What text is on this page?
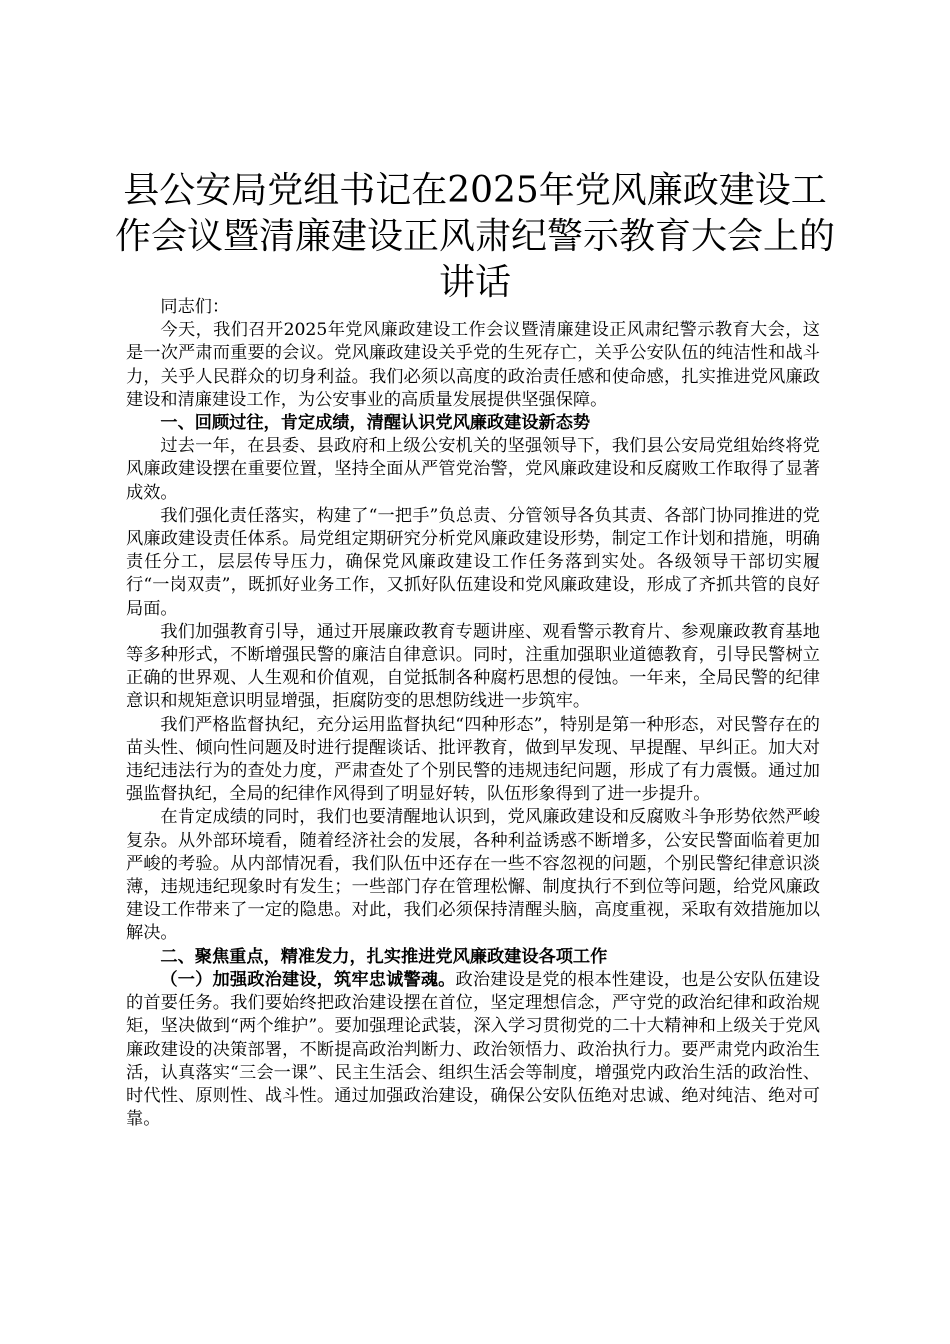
县公安局党组书记在2025年党风廉政建设工作会议暨清廉建设正风肃纪警示教育大会上的讲话

同志们：

今天，我们召开2025年党风廉政建设工作会议暨清廉建设正风肃纪警示教育大会，这是一次严肃而重要的会议。党风廉政建设关乎党的生死存亡，关乎公安队伍的纯洁性和战斗力，关乎人民群众的切身利益。我们必须以高度的政治责任感和使命感，扎实推进党风廉政建设和清廉建设工作，为公安事业的高质量发展提供坚强保障。

一、回顾过往，肯定成绩，清醒认识党风廉政建设新态势

过去一年，在县委、县政府和上级公安机关的坚强领导下，我们县公安局党组始终将党风廉政建设摆在重要位置，坚持全面从严管党治警，党风廉政建设和反腐败工作取得了显著成效。

我们强化责任落实，构建了“一把手”负总责、分管领导各负其责、各部门协同推进的党风廉政建设责任体系。局党组定期研究分析党风廉政建设形势，制定工作计划和措施，明确责任分工，层层传导压力，确保党风廉政建设工作任务落到实处。各级领导干部切实履行“一岗双责”，既抓好业务工作，又抓好队伍建设和党风廉政建设，形成了齐抓共管的良好局面。

我们加强教育引导，通过开展廉政教育专题讲座、观看警示教育片、参观廉政教育基地等多种形式，不断增强民警的廉洁自律意识。同时，注重加强职业道德教育，引导民警树立正确的世界观、人生观和价值观，自觉抵制各种腐朽思想的侵蚀。一年来，全局民警的纪律意识和规矩意识明显增强，拒腐防变的思想防线进一步筑牢。

我们严格监督执纪，充分运用监督执纪“四种形态”，特别是第一种形态，对民警存在的苗头性、倾向性问题及时进行提醒谈话、批评教育，做到早发现、早提醒、早纠正。加大对违纪违法行为的查处力度，严肃查处了个别民警的违规违纪问题，形成了有力震慑。通过加强监督执纪，全局的纪律作风得到了明显好转，队伍形象得到了进一步提升。

在肯定成绩的同时，我们也要清醒地认识到，党风廉政建设和反腐败斗争形势依然严峻复杂。从外部环境看，随着经济社会的发展，各种利益诱惑不断增多，公安民警面临着更加严峻的考验。从内部情况看，我们队伍中还存在一些不容忽视的问题，个别民警纪律意识淡薄，违规违纪现象时有发生；一些部门存在管理松懈、制度执行不到位等问题，给党风廉政建设工作带来了一定的隐患。对此，我们必须保持清醒头脑，高度重视，采取有效措施加以解决。

二、聚焦重点，精准发力，扎实推进党风廉政建设各项工作

（一）加强政治建设，筑牢忠诚警魂。政治建设是党的根本性建设，也是公安队伍建设的首要任务。我们要始终把政治建设摆在首位，坚定理想信念，严守党的政治纪律和政治规矩，坚决做到“两个维护”。要加强理论武装，深入学习贯彻党的二十大精神和上级关于党风廉政建设的决策部署，不断提高政治判断力、政治领悟力、政治执行力。要严肃党内政治生活，认真落实“三会一课”、民主生活会、组织生活会等制度，增强党内政治生活的政治性、时代性、原则性、战斗性。通过加强政治建设，确保公安队伍绝对忠诚、绝对纯洁、绝对可靠。
